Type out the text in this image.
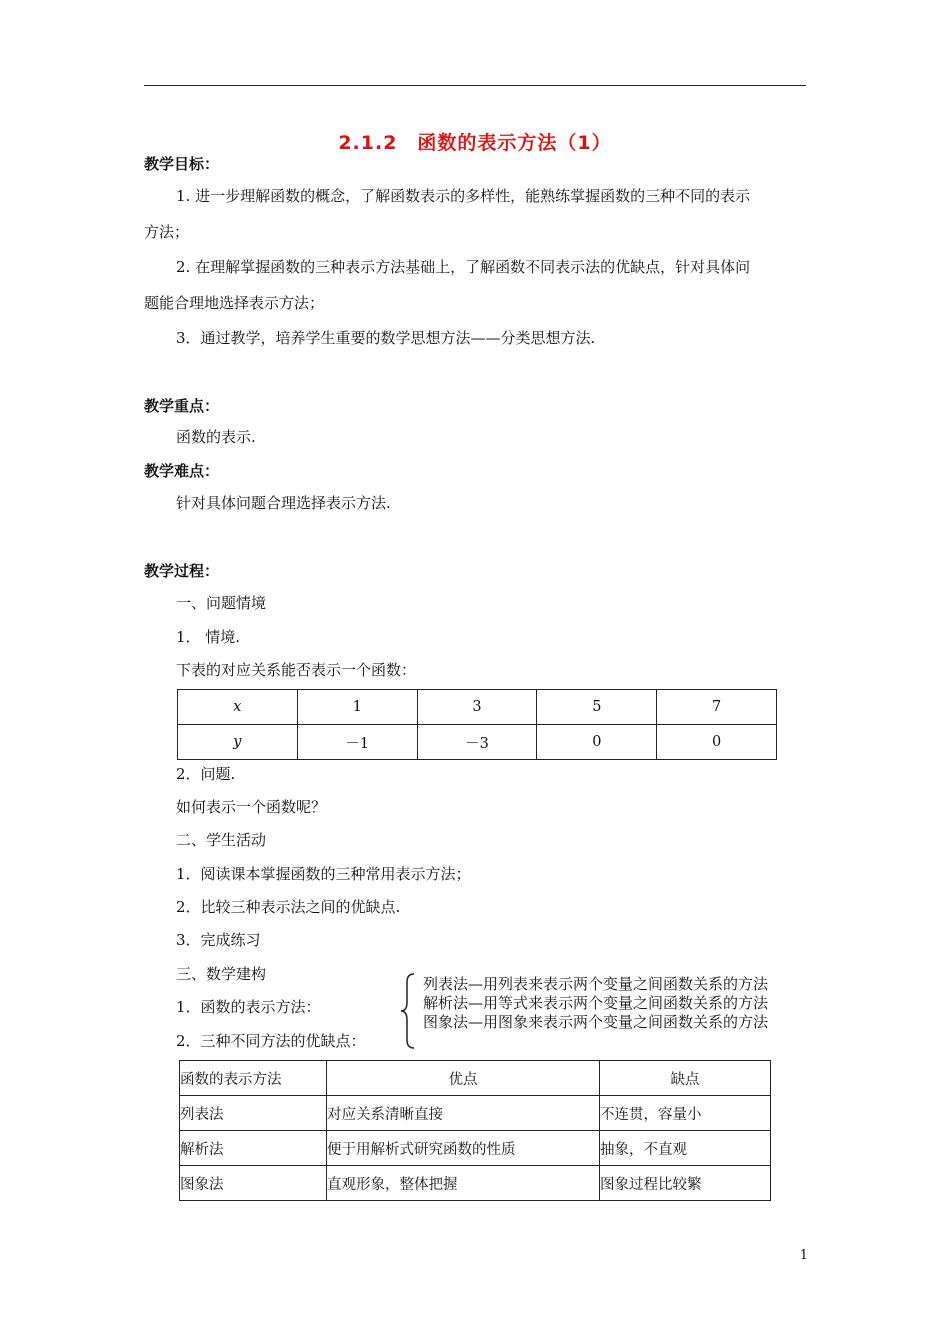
2.1.2　函数的表示方法（1）
教学目标：
1. 进一步理解函数的概念，了解函数表示的多样性，能熟练掌握函数的三种不同的表示
方法；
2. 在理解掌握函数的三种表示方法基础上，了解函数不同表示法的优缺点，针对具体问
题能合理地选择表示方法；
3．通过教学，培养学生重要的数学思想方法——分类思想方法.
教学重点：
函数的表示.
教学难点：
针对具体问题合理选择表示方法.
教学过程：
一、问题情境
1． 情境.
下表的对应关系能否表示一个函数：
x	1	3	5	7
y	－1	－3	0	0
2．问题.
如何表示一个函数呢？
二、学生活动
1．阅读课本掌握函数的三种常用表示方法；
2．比较三种表示法之间的优缺点.
3．完成练习
三、数学建构
1．函数的表示方法：
2．三种不同方法的优缺点：
列表法—用列表来表示两个变量之间函数关系的方法
解析法—用等式来表示两个变量之间函数关系的方法
图象法—用图象来表示两个变量之间函数关系的方法
函数的表示方法	优点	缺点
列表法	对应关系清晰直接	不连贯，容量小
解析法	便于用解析式研究函数的性质	抽象，不直观
图象法	直观形象，整体把握	图象过程比较繁
1
